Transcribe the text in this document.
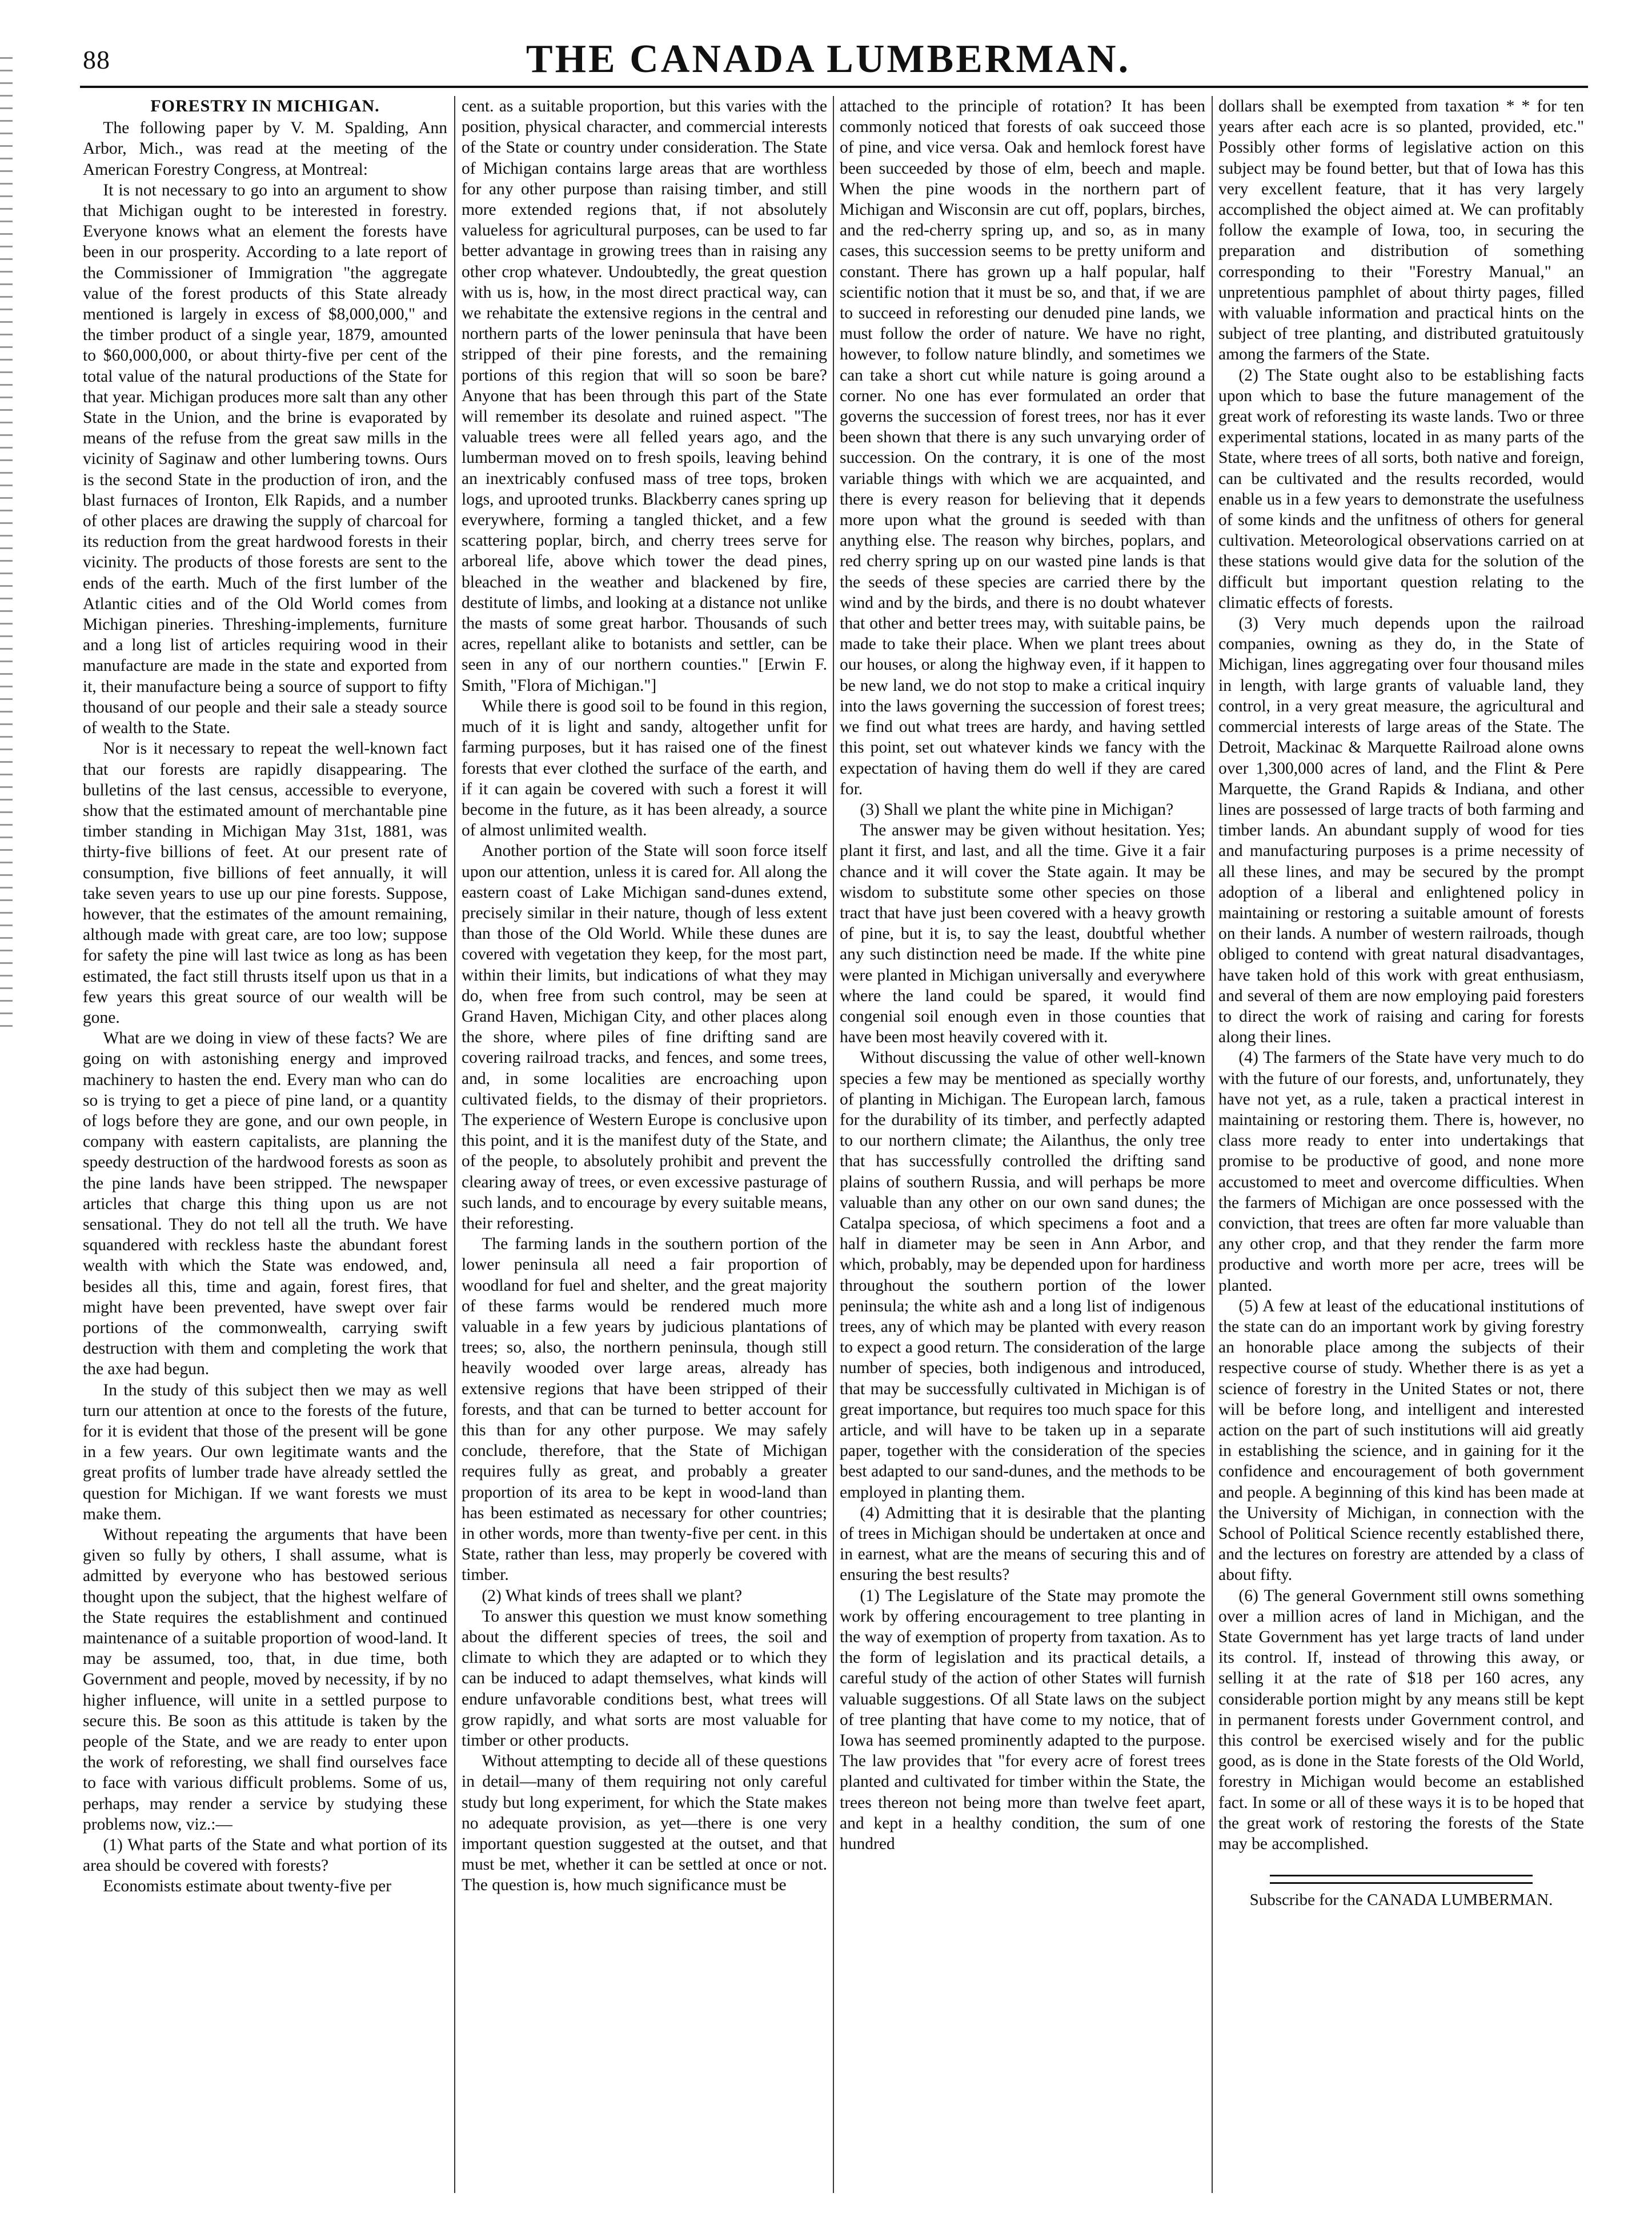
88	THE CANADA LUMBERMAN.
FORESTRY IN MICHIGAN.

The following paper by V. M. Spalding, Ann Arbor, Mich., was read at the meeting of the American Forestry Congress, at Montreal:

It is not necessary to go into an argument to show that Michigan ought to be interested in forestry. Everyone knows what an element the forests have been in our prosperity. According to a late report of the Commissioner of Immigration "the aggregate value of the forest products of this State already mentioned is largely in excess of $8,000,000," and the timber product of a single year, 1879, amounted to $60,000,000, or about thirty-five per cent of the total value of the natural productions of the State for that year. Michigan produces more salt than any other State in the Union, and the brine is evaporated by means of the refuse from the great saw mills in the vicinity of Saginaw and other lumbering towns. Ours is the second State in the production of iron, and the blast furnaces of Ironton, Elk Rapids, and a number of other places are drawing the supply of charcoal for its reduction from the great hardwood forests in their vicinity. The products of those forests are sent to the ends of the earth. Much of the first lumber of the Atlantic cities and of the Old World comes from Michigan pineries. Threshing-implements, furniture and a long list of articles requiring wood in their manufacture are made in the state and exported from it, their manufacture being a source of support to fifty thousand of our people and their sale a steady source of wealth to the State.

Nor is it necessary to repeat the well-known fact that our forests are rapidly disappearing. The bulletins of the last census, accessible to everyone, show that the estimated amount of merchantable pine timber standing in Michigan May 31st, 1881, was thirty-five billions of feet. At our present rate of consumption, five billions of feet annually, it will take seven years to use up our pine forests. Suppose, however, that the estimates of the amount remaining, although made with great care, are too low; suppose for safety the pine will last twice as long as has been estimated, the fact still thrusts itself upon us that in a few years this great source of our wealth will be gone.

What are we doing in view of these facts? We are going on with astonishing energy and improved machinery to hasten the end. Every man who can do so is trying to get a piece of pine land, or a quantity of logs before they are gone, and our own people, in company with eastern capitalists, are planning the speedy destruction of the hardwood forests as soon as the pine lands have been stripped. The newspaper articles that charge this thing upon us are not sensational. They do not tell all the truth. We have squandered with reckless haste the abundant forest wealth with which the State was endowed, and, besides all this, time and again, forest fires, that might have been prevented, have swept over fair portions of the commonwealth, carrying swift destruction with them and completing the work that the axe had begun.

In the study of this subject then we may as well turn our attention at once to the forests of the future, for it is evident that those of the present will be gone in a few years. Our own legitimate wants and the great profits of lumber trade have already settled the question for Michigan. If we want forests we must make them.

Without repeating the arguments that have been given so fully by others, I shall assume, what is admitted by everyone who has bestowed serious thought upon the subject, that the highest welfare of the State requires the establishment and continued maintenance of a suitable proportion of wood-land. It may be assumed, too, that, in due time, both Government and people, moved by necessity, if by no higher influence, will unite in a settled purpose to secure this. Be soon as this attitude is taken by the people of the State, and we are ready to enter upon the work of reforesting, we shall find ourselves face to face with various difficult problems. Some of us, perhaps, may render a service by studying these problems now, viz.:—

(1) What parts of the State and what portion of its area should be covered with forests?

Economists estimate about twenty-five per

cent. as a suitable proportion, but this varies with the position, physical character, and commercial interests of the State or country under consideration. The State of Michigan contains large areas that are worthless for any other purpose than raising timber, and still more extended regions that, if not absolutely valueless for agricultural purposes, can be used to far better advantage in growing trees than in raising any other crop whatever. Undoubtedly, the great question with us is, how, in the most direct practical way, can we rehabitate the extensive regions in the central and northern parts of the lower peninsula that have been stripped of their pine forests, and the remaining portions of this region that will so soon be bare? Anyone that has been through this part of the State will remember its desolate and ruined aspect. "The valuable trees were all felled years ago, and the lumberman moved on to fresh spoils, leaving behind an inextricably confused mass of tree tops, broken logs, and uprooted trunks. Blackberry canes spring up everywhere, forming a tangled thicket, and a few scattering poplar, birch, and cherry trees serve for arboreal life, above which tower the dead pines, bleached in the weather and blackened by fire, destitute of limbs, and looking at a distance not unlike the masts of some great harbor. Thousands of such acres, repellant alike to botanists and settler, can be seen in any of our northern counties." [Erwin F. Smith, "Flora of Michigan."]

While there is good soil to be found in this region, much of it is light and sandy, altogether unfit for farming purposes, but it has raised one of the finest forests that ever clothed the surface of the earth, and if it can again be covered with such a forest it will become in the future, as it has been already, a source of almost unlimited wealth.

Another portion of the State will soon force itself upon our attention, unless it is cared for. All along the eastern coast of Lake Michigan sand-dunes extend, precisely similar in their nature, though of less extent than those of the Old World. While these dunes are covered with vegetation they keep, for the most part, within their limits, but indications of what they may do, when free from such control, may be seen at Grand Haven, Michigan City, and other places along the shore, where piles of fine drifting sand are covering railroad tracks, and fences, and some trees, and, in some localities are encroaching upon cultivated fields, to the dismay of their proprietors. The experience of Western Europe is conclusive upon this point, and it is the manifest duty of the State, and of the people, to absolutely prohibit and prevent the clearing away of trees, or even excessive pasturage of such lands, and to encourage by every suitable means, their reforesting.

The farming lands in the southern portion of the lower peninsula all need a fair proportion of woodland for fuel and shelter, and the great majority of these farms would be rendered much more valuable in a few years by judicious plantations of trees; so, also, the northern peninsula, though still heavily wooded over large areas, already has extensive regions that have been stripped of their forests, and that can be turned to better account for this than for any other purpose. We may safely conclude, therefore, that the State of Michigan requires fully as great, and probably a greater proportion of its area to be kept in wood-land than has been estimated as necessary for other countries; in other words, more than twenty-five per cent. in this State, rather than less, may properly be covered with timber.

(2) What kinds of trees shall we plant?

To answer this question we must know something about the different species of trees, the soil and climate to which they are adapted or to which they can be induced to adapt themselves, what kinds will endure unfavorable conditions best, what trees will grow rapidly, and what sorts are most valuable for timber or other products.

Without attempting to decide all of these questions in detail—many of them requiring not only careful study but long experiment, for which the State makes no adequate provision, as yet—there is one very important question suggested at the outset, and that must be met, whether it can be settled at once or not. The question is, how much significance must be

attached to the principle of rotation? It has been commonly noticed that forests of oak succeed those of pine, and vice versa. Oak and hemlock forest have been succeeded by those of elm, beech and maple. When the pine woods in the northern part of Michigan and Wisconsin are cut off, poplars, birches, and the red-cherry spring up, and so, as in many cases, this succession seems to be pretty uniform and constant. There has grown up a half popular, half scientific notion that it must be so, and that, if we are to succeed in reforesting our denuded pine lands, we must follow the order of nature. We have no right, however, to follow nature blindly, and sometimes we can take a short cut while nature is going around a corner. No one has ever formulated an order that governs the succession of forest trees, nor has it ever been shown that there is any such unvarying order of succession. On the contrary, it is one of the most variable things with which we are acquainted, and there is every reason for believing that it depends more upon what the ground is seeded with than anything else. The reason why birches, poplars, and red cherry spring up on our wasted pine lands is that the seeds of these species are carried there by the wind and by the birds, and there is no doubt whatever that other and better trees may, with suitable pains, be made to take their place. When we plant trees about our houses, or along the highway even, if it happen to be new land, we do not stop to make a critical inquiry into the laws governing the succession of forest trees; we find out what trees are hardy, and having settled this point, set out whatever kinds we fancy with the expectation of having them do well if they are cared for.

(3) Shall we plant the white pine in Michigan?

The answer may be given without hesitation. Yes; plant it first, and last, and all the time. Give it a fair chance and it will cover the State again. It may be wisdom to substitute some other species on those tract that have just been covered with a heavy growth of pine, but it is, to say the least, doubtful whether any such distinction need be made. If the white pine were planted in Michigan universally and everywhere where the land could be spared, it would find congenial soil enough even in those counties that have been most heavily covered with it.

Without discussing the value of other well-known species a few may be mentioned as specially worthy of planting in Michigan. The European larch, famous for the durability of its timber, and perfectly adapted to our northern climate; the Ailanthus, the only tree that has successfully controlled the drifting sand plains of southern Russia, and will perhaps be more valuable than any other on our own sand dunes; the Catalpa speciosa, of which specimens a foot and a half in diameter may be seen in Ann Arbor, and which, probably, may be depended upon for hardiness throughout the southern portion of the lower peninsula; the white ash and a long list of indigenous trees, any of which may be planted with every reason to expect a good return. The consideration of the large number of species, both indigenous and introduced, that may be successfully cultivated in Michigan is of great importance, but requires too much space for this article, and will have to be taken up in a separate paper, together with the consideration of the species best adapted to our sand-dunes, and the methods to be employed in planting them.

(4) Admitting that it is desirable that the planting of trees in Michigan should be undertaken at once and in earnest, what are the means of securing this and of ensuring the best results?

(1) The Legislature of the State may promote the work by offering encouragement to tree planting in the way of exemption of property from taxation. As to the form of legislation and its practical details, a careful study of the action of other States will furnish valuable suggestions. Of all State laws on the subject of tree planting that have come to my notice, that of Iowa has seemed prominently adapted to the purpose. The law provides that "for every acre of forest trees planted and cultivated for timber within the State, the trees thereon not being more than twelve feet apart, and kept in a healthy condition, the sum of one hundred

dollars shall be exempted from taxation * * for ten years after each acre is so planted, provided, etc." Possibly other forms of legislative action on this subject may be found better, but that of Iowa has this very excellent feature, that it has very largely accomplished the object aimed at. We can profitably follow the example of Iowa, too, in securing the preparation and distribution of something corresponding to their "Forestry Manual," an unpretentious pamphlet of about thirty pages, filled with valuable information and practical hints on the subject of tree planting, and distributed gratuitously among the farmers of the State.

(2) The State ought also to be establishing facts upon which to base the future management of the great work of reforesting its waste lands. Two or three experimental stations, located in as many parts of the State, where trees of all sorts, both native and foreign, can be cultivated and the results recorded, would enable us in a few years to demonstrate the usefulness of some kinds and the unfitness of others for general cultivation. Meteorological observations carried on at these stations would give data for the solution of the difficult but important question relating to the climatic effects of forests.

(3) Very much depends upon the railroad companies, owning as they do, in the State of Michigan, lines aggregating over four thousand miles in length, with large grants of valuable land, they control, in a very great measure, the agricultural and commercial interests of large areas of the State. The Detroit, Mackinac & Marquette Railroad alone owns over 1,300,000 acres of land, and the Flint & Pere Marquette, the Grand Rapids & Indiana, and other lines are possessed of large tracts of both farming and timber lands. An abundant supply of wood for ties and manufacturing purposes is a prime necessity of all these lines, and may be secured by the prompt adoption of a liberal and enlightened policy in maintaining or restoring a suitable amount of forests on their lands. A number of western railroads, though obliged to contend with great natural disadvantages, have taken hold of this work with great enthusiasm, and several of them are now employing paid foresters to direct the work of raising and caring for forests along their lines.

(4) The farmers of the State have very much to do with the future of our forests, and, unfortunately, they have not yet, as a rule, taken a practical interest in maintaining or restoring them. There is, however, no class more ready to enter into undertakings that promise to be productive of good, and none more accustomed to meet and overcome difficulties. When the farmers of Michigan are once possessed with the conviction, that trees are often far more valuable than any other crop, and that they render the farm more productive and worth more per acre, trees will be planted.

(5) A few at least of the educational institutions of the state can do an important work by giving forestry an honorable place among the subjects of their respective course of study. Whether there is as yet a science of forestry in the United States or not, there will be before long, and intelligent and interested action on the part of such institutions will aid greatly in establishing the science, and in gaining for it the confidence and encouragement of both government and people. A beginning of this kind has been made at the University of Michigan, in connection with the School of Political Science recently established there, and the lectures on forestry are attended by a class of about fifty.

(6) The general Government still owns something over a million acres of land in Michigan, and the State Government has yet large tracts of land under its control. If, instead of throwing this away, or selling it at the rate of $18 per 160 acres, any considerable portion might by any means still be kept in permanent forests under Government control, and this control be exercised wisely and for the public good, as is done in the State forests of the Old World, forestry in Michigan would become an established fact. In some or all of these ways it is to be hoped that the great work of restoring the forests of the State may be accomplished.

Subscribe for the CANADA LUMBERMAN.
